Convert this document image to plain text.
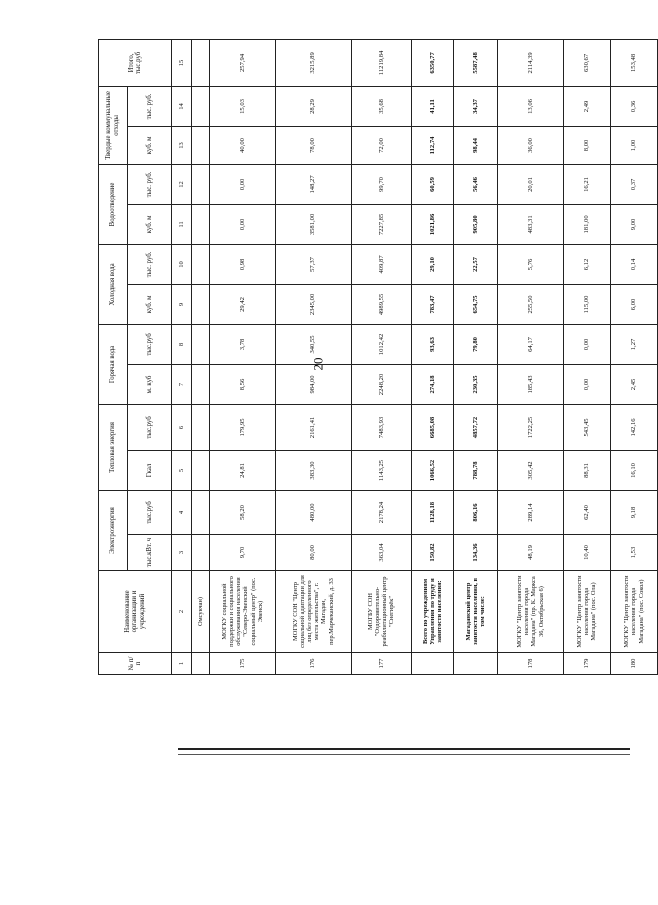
20
№ п/п	Наименование организации и учреждений	Электроэнергия		Тепловая энергия		Горячая вода		Холодная вода		Водоотведение		Твердые коммунальные отходы		Итого, тыс.руб
		тыс.кВт. ч	тыс.руб	Гкал	тыс.руб	м. куб	тыс.руб	куб. м	тыс. руб.	куб. м	тыс. руб.	куб. м	тыс. руб.	
1	2	3	4	5	6	7	8	9	10	11	12	13	14	15
	Омсукчан)													
175	МОГКУ социальной поддержки и социального обслуживания населения "Северо-Эвенский социальный центр" (пос. Эвенск)	9,70	58,20	24,81	179,95	8,56	3,78	29,42	0,98	0,00	0,00	40,00	15,03	257,94
176	МОГКУ СОН "Центр социальной адаптации для лиц без определенного места жительства", г. Магадан, пер.Марчеканский, д. 33	80,00	480,00	383,30	2161,41	984,00	340,55	2345,00	57,37	3581,00	148,27	78,00	28,29	3215,89
177	МОГБУ СОН "Оздоровительно-реабилитационный центр "Снегирёк"	363,04	2178,24	1143,25	7483,93	2248,20	1012,42	4989,55	409,87	7227,85	99,70	72,00	35,68	11219,84
	Всего по учреждениям Управления по труду и занятости населения:	150,82	1128,18	1066,52	6685,08	274,18	93,63	783,47	29,10	1021,86	60,59	112,74	41,11	6350,77
	Магаданский центр занятости населения, в том числе:	134,36	806,16	788,78	4857,72	230,35	79,80	654,75	22,57	905,80	56,46	98,44	34,37	5587,48
178	МОГКУ "Центр занятости населения города Магадана" (пр. К. Маркса 36, Октябрьская 6)	48,19	289,14	305,42	1722,25	185,43	64,17	255,50	5,76	483,31	20,01	36,00	13,06	2114,39
179	МОГКУ "Центр занятости населения города Магадана" (пос. Ола)	10,40	62,40	88,31	543,45	0,00	0,00	115,00	6,12	181,00	16,21	8,00	2,49	630,67
180	МОГКУ "Центр занятости населения города Магадана" (пос. Сокол)	1,53	9,18	16,10	142,16	2,45	1,27	6,00	0,14	9,00	0,37	1,00	0,36	153,48
